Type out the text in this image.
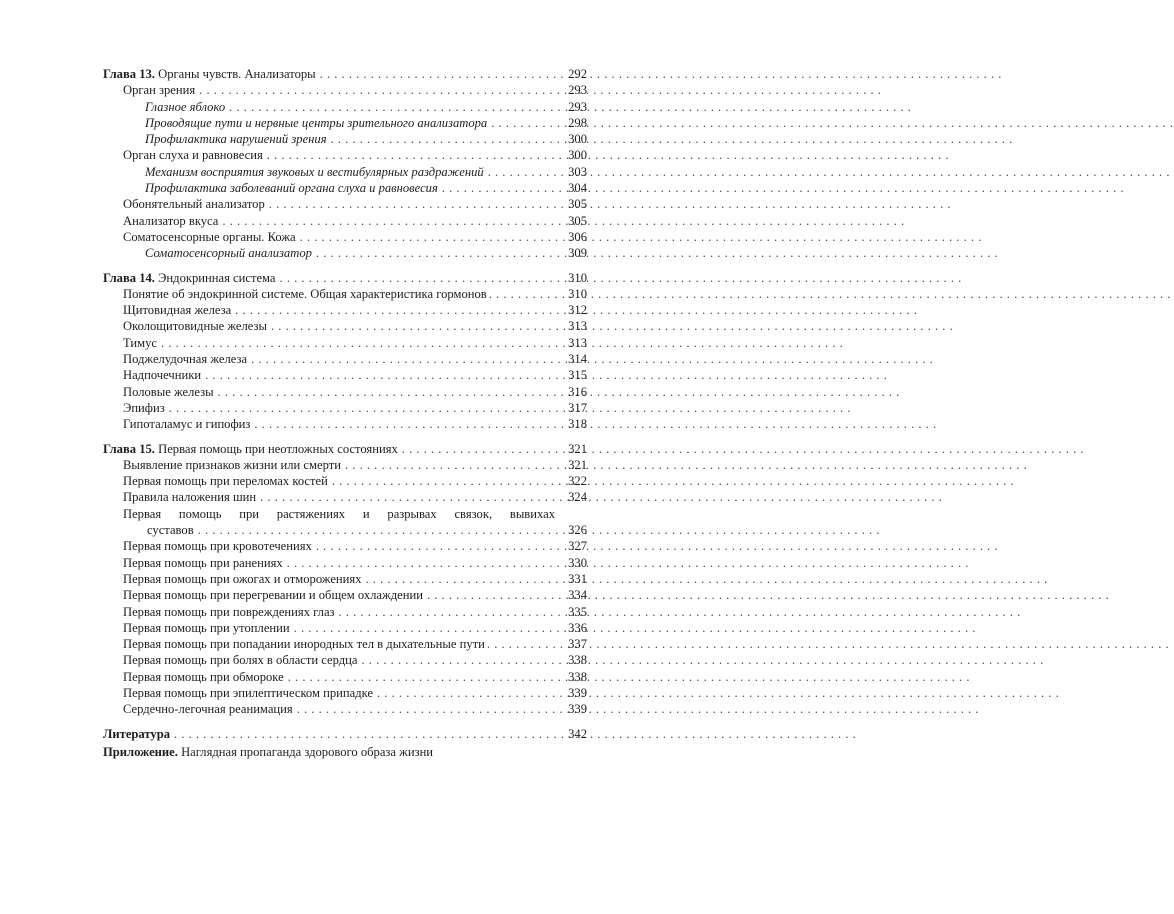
Глава 13. Органы чувств. Анализаторы . . .	292
Орган зрения . . .	293
Глазное яблоко . . .	293
Проводящие пути и нервные центры зрительного анализатора . . .	298
Профилактика нарушений зрения . . .	300
Орган слуха и равновесия . . .	300
Механизм восприятия звуковых и вестибулярных раздражений . . .	303
Профилактика заболеваний органа слуха и равновесия . . .	304
Обонятельный анализатор . . .	305
Анализатор вкуса . . .	305
Соматосенсорные органы. Кожа . . .	306
Соматосенсорный анализатор . . .	309
Глава 14. Эндокринная система . . .	310
Понятие об эндокринной системе. Общая характеристика гормонов . . .	310
Щитовидная железа . . .	312
Околощитовидные железы . . .	313
Тимус . . .	313
Поджелудочная железа . . .	314
Надпочечники . . .	315
Половые железы . . .	316
Эпифиз . . .	317
Гипоталамус и гипофиз . . .	318
Глава 15. Первая помощь при неотложных состояниях . . .	321
Выявление признаков жизни или смерти . . .	321
Первая помощь при переломах костей . . .	322
Правила наложения шин . . .	324
Первая помощь при растяжениях и разрывах связок, вывихах
суставов . . .	326
Первая помощь при кровотечениях . . .	327
Первая помощь при ранениях . . .	330
Первая помощь при ожогах и отморожениях . . .	331
Первая помощь при перегревании и общем охлаждении . . .	334
Первая помощь при повреждениях глаз . . .	335
Первая помощь при утоплении . . .	336
Первая помощь при попадании инородных тел в дыхательные пути . . .	337
Первая помощь при болях в области сердца . . .	338
Первая помощь при обмороке . . .	338
Первая помощь при эпилептическом припадке . . .	339
Сердечно-легочная реанимация . . .	339
Литература . . .	342
Приложение. Наглядная пропаганда здорового образа жизни
